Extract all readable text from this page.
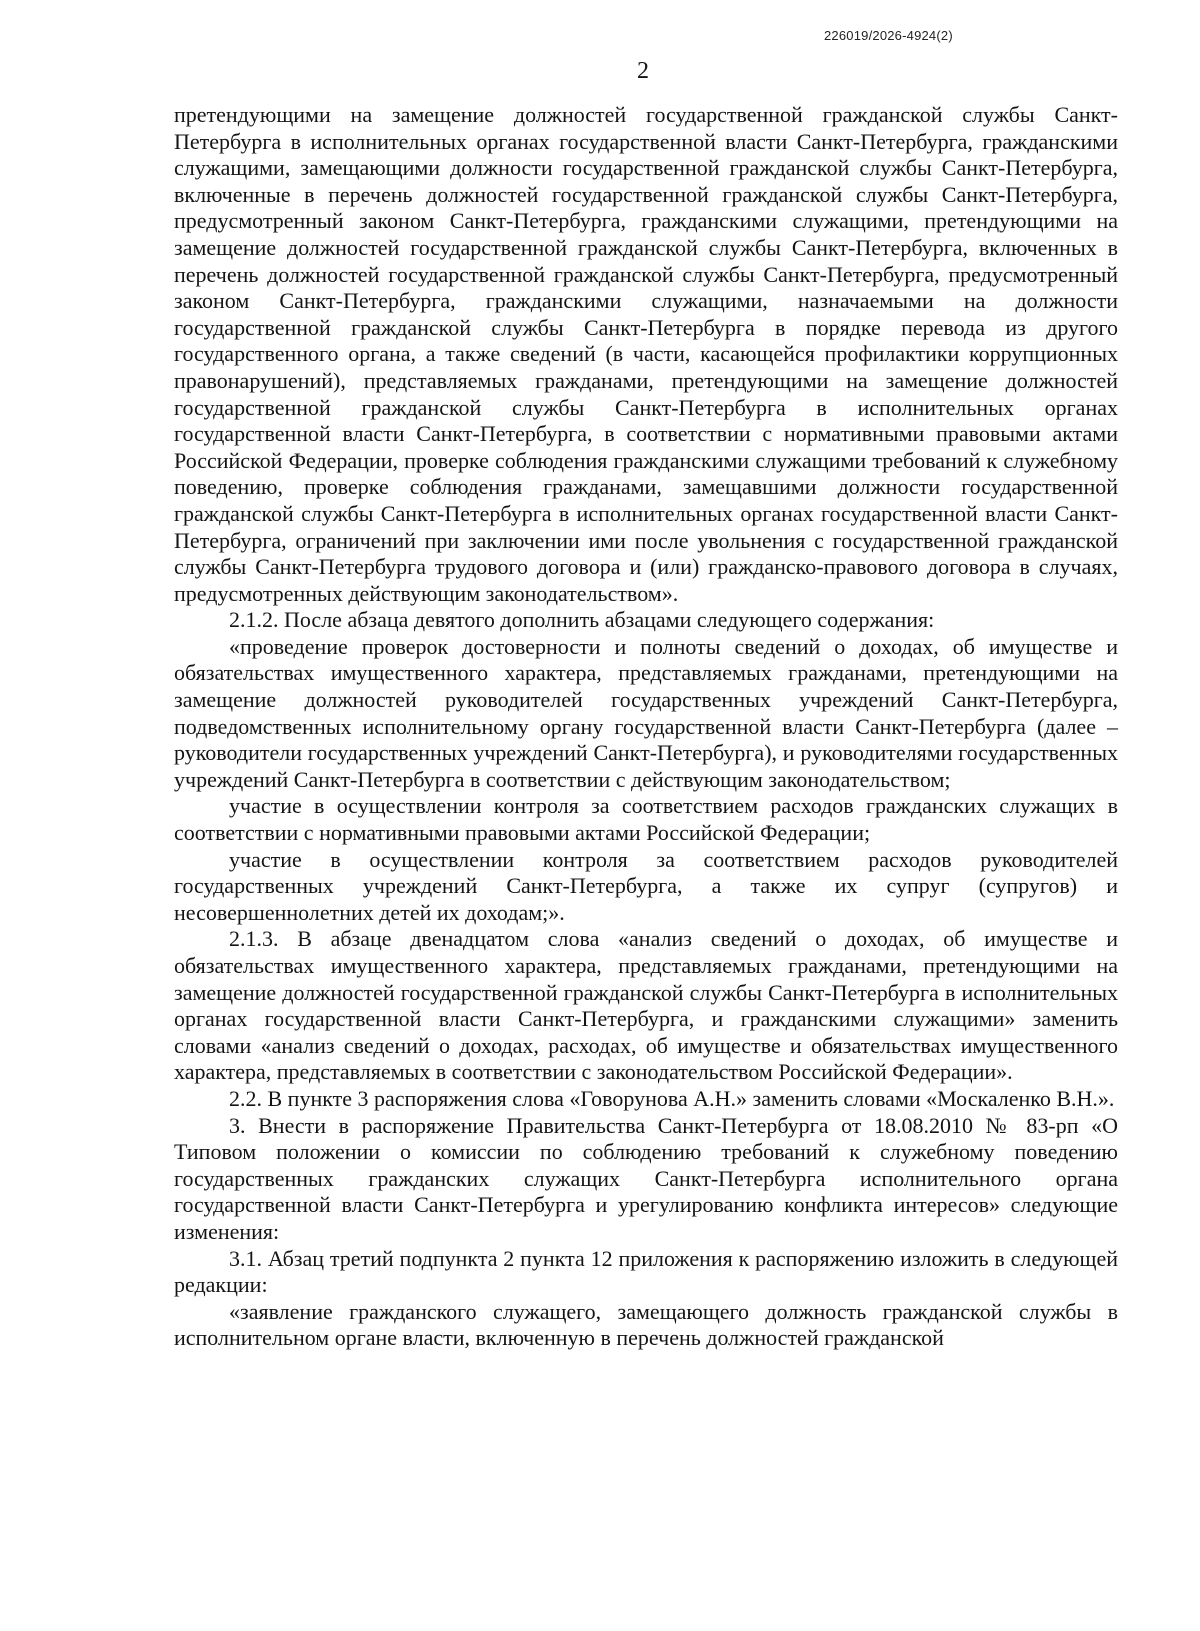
226019/2026-4924(2)
2

претендующими на замещение должностей государственной гражданской службы Санкт-Петербурга в исполнительных органах государственной власти Санкт-Петербурга, гражданскими служащими, замещающими должности государственной гражданской службы Санкт-Петербурга, включенные в перечень должностей государственной гражданской службы Санкт-Петербурга, предусмотренный законом Санкт-Петербурга, гражданскими служащими, претендующими на замещение должностей государственной гражданской службы Санкт-Петербурга, включенных в перечень должностей государственной гражданской службы Санкт-Петербурга, предусмотренный законом Санкт-Петербурга, гражданскими служащими, назначаемыми на должности государственной гражданской службы Санкт-Петербурга в порядке перевода из другого государственного органа, а также сведений (в части, касающейся профилактики коррупционных правонарушений), представляемых гражданами, претендующими на замещение должностей государственной гражданской службы Санкт-Петербурга в исполнительных органах государственной власти Санкт-Петербурга, в соответствии с нормативными правовыми актами Российской Федерации, проверке соблюдения гражданскими служащими требований к служебному поведению, проверке соблюдения гражданами, замещавшими должности государственной гражданской службы Санкт-Петербурга в исполнительных органах государственной власти Санкт-Петербурга, ограничений при заключении ими после увольнения с государственной гражданской службы Санкт-Петербурга трудового договора и (или) гражданско-правового договора в случаях, предусмотренных действующим законодательством».

2.1.2. После абзаца девятого дополнить абзацами следующего содержания:

«проведение проверок достоверности и полноты сведений о доходах, об имуществе и обязательствах имущественного характера, представляемых гражданами, претендующими на замещение должностей руководителей государственных учреждений Санкт-Петербурга, подведомственных исполнительному органу государственной власти Санкт-Петербурга (далее – руководители государственных учреждений Санкт-Петербурга), и руководителями государственных учреждений Санкт-Петербурга в соответствии с действующим законодательством;

участие в осуществлении контроля за соответствием расходов гражданских служащих в соответствии с нормативными правовыми актами Российской Федерации;

участие в осуществлении контроля за соответствием расходов руководителей государственных учреждений Санкт-Петербурга, а также их супруг (супругов) и несовершеннолетних детей их доходам;».

2.1.3. В абзаце двенадцатом слова «анализ сведений о доходах, об имуществе и обязательствах имущественного характера, представляемых гражданами, претендующими на замещение должностей государственной гражданской службы Санкт-Петербурга в исполнительных органах государственной власти Санкт-Петербурга, и гражданскими служащими» заменить словами «анализ сведений о доходах, расходах, об имуществе и обязательствах имущественного характера, представляемых в соответствии с законодательством Российской Федерации».

2.2. В пункте 3 распоряжения слова «Говорунова А.Н.» заменить словами «Москаленко В.Н.».

3. Внести в распоряжение Правительства Санкт-Петербурга от 18.08.2010 № 83-рп «О Типовом положении о комиссии по соблюдению требований к служебному поведению государственных гражданских служащих Санкт-Петербурга исполнительного органа государственной власти Санкт-Петербурга и урегулированию конфликта интересов» следующие изменения:

3.1. Абзац третий подпункта 2 пункта 12 приложения к распоряжению изложить в следующей редакции:

«заявление гражданского служащего, замещающего должность гражданской службы в исполнительном органе власти, включенную в перечень должностей гражданской
